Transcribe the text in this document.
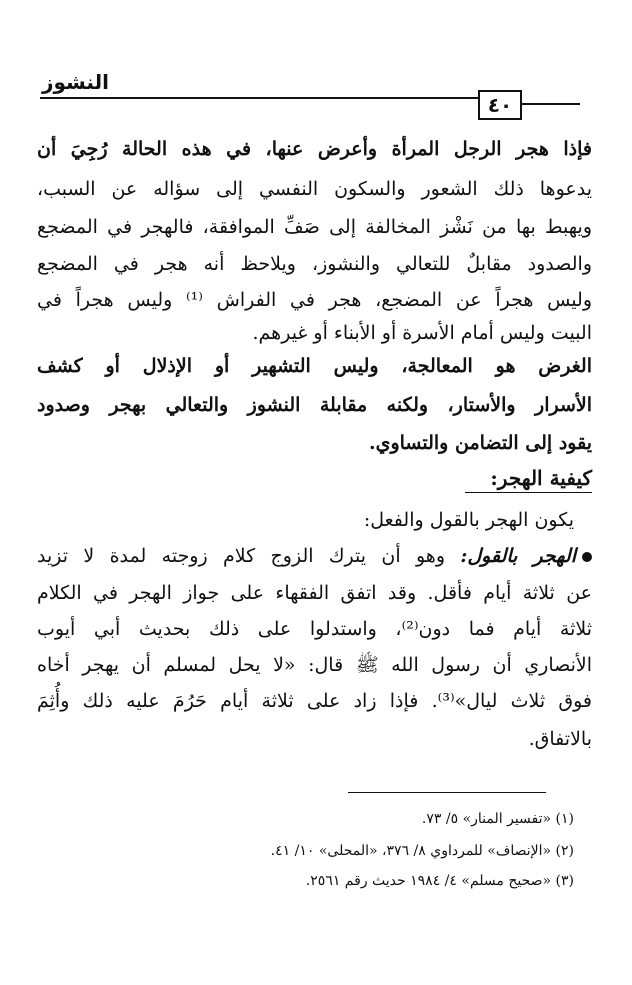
النشوز
٤٠
فإذا هجر الرجل المرأة وأعرض عنها، في هذه الحالة رُجِيَ أن
يدعوها ذلك الشعور والسكون النفسي إلى سؤاله عن السبب،
ويهبط بها من نَشْز المخالفة إلى صَفِّ الموافقة، فالهجر في المضجع
والصدود مقابلٌ للتعالي والنشوز، ويلاحظ أنه هجر في المضجع
وليس هجراً عن المضجع، هجر في الفراش ⁽¹⁾ وليس هجراً في
البيت وليس أمام الأسرة أو الأبناء أو غيرهم.
الغرض هو المعالجة، وليس التشهير أو الإذلال أو كشف
الأسرار والأستار، ولكنه مقابلة النشوز والتعالي بهجر وصدود
يقود إلى التضامن والتساوي.
كيفية الهجر:
يكون الهجر بالقول والفعل:
الهجر بالقول: وهو أن يترك الزوج كلام زوجته لمدة لا تزيد
عن ثلاثة أيام فأقل. وقد اتفق الفقهاء على جواز الهجر في الكلام
ثلاثة أيام فما دون⁽²⁾، واستدلوا على ذلك بحديث أبي أيوب
الأنصاري أن رسول الله ﷺ قال: «لا يحل لمسلم أن يهجر أخاه
فوق ثلاث ليال»⁽³⁾. فإذا زاد على ثلاثة أيام حَرُمَ عليه ذلك وأُثِمَ
بالاتفاق.
(١) «تفسير المنار» ٥/ ٧٣.
(٢) «الإنصاف» للمرداوي ٨/ ٣٧٦، «المحلى» ١٠/ ٤١.
(٣) «صحيح مسلم» ٤/ ١٩٨٤ حديث رقم ٢٥٦١.
